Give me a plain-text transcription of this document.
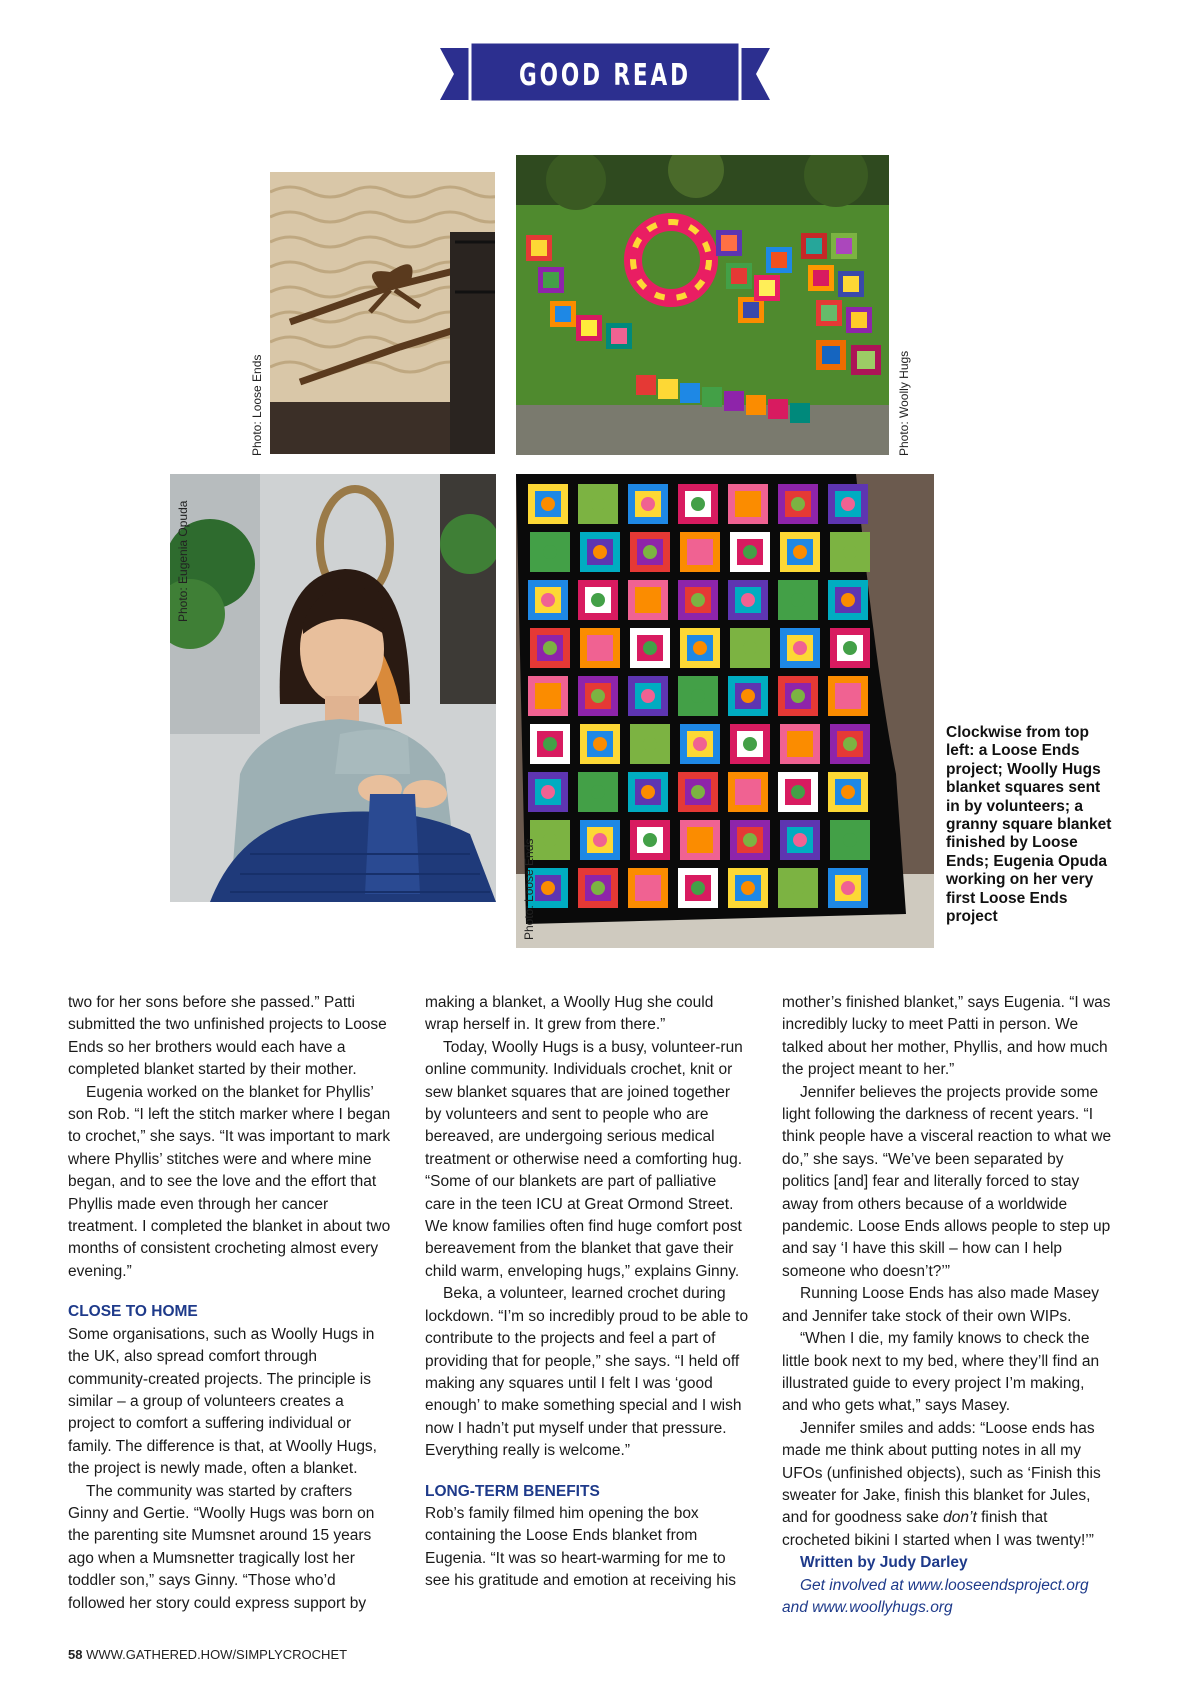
GOOD READ
Photo: Loose Ends	Photo: Woolly Hugs
Photo: Eugenia Opuda
Photo: Loose Ends
Clockwise from top left: a Loose Ends project; Woolly Hugs blanket squares sent in by volunteers; a granny square blanket finished by Loose Ends; Eugenia Opuda working on her very first Loose Ends project

two for her sons before she passed.” Patti submitted the two unfinished projects to Loose Ends so her brothers would each have a completed blanket started by their mother.

Eugenia worked on the blanket for Phyllis’ son Rob. “I left the stitch marker where I began to crochet,” she says. “It was important to mark where Phyllis’ stitches were and where mine began, and to see the love and the effort that Phyllis made even through her cancer treatment. I completed the blanket in about two months of consistent crocheting almost every evening.”

CLOSE TO HOME

Some organisations, such as Woolly Hugs in the UK, also spread comfort through community-created projects. The principle is similar – a group of volunteers creates a project to comfort a suffering individual or family. The difference is that, at Woolly Hugs, the project is newly made, often a blanket.

The community was started by crafters Ginny and Gertie. “Woolly Hugs was born on the parenting site Mumsnet around 15 years ago when a Mumsnetter tragically lost her toddler son,” says Ginny. “Those who’d followed her story could express support by

making a blanket, a Woolly Hug she could wrap herself in. It grew from there.”

Today, Woolly Hugs is a busy, volunteer-run online community. Individuals crochet, knit or sew blanket squares that are joined together by volunteers and sent to people who are bereaved, are undergoing serious medical treatment or otherwise need a comforting hug. “Some of our blankets are part of palliative care in the teen ICU at Great Ormond Street. We know families often find huge comfort post bereavement from the blanket that gave their child warm, enveloping hugs,” explains Ginny.

Beka, a volunteer, learned crochet during lockdown. “I’m so incredibly proud to be able to contribute to the projects and feel a part of providing that for people,” she says. “I held off making any squares until I felt I was ‘good enough’ to make something special and I wish now I hadn’t put myself under that pressure. Everything really is welcome.”

LONG-TERM BENEFITS

Rob’s family filmed him opening the box containing the Loose Ends blanket from Eugenia. “It was so heart-warming for me to see his gratitude and emotion at receiving his

mother’s finished blanket,” says Eugenia. “I was incredibly lucky to meet Patti in person. We talked about her mother, Phyllis, and how much the project meant to her.”

Jennifer believes the projects provide some light following the darkness of recent years. “I think people have a visceral reaction to what we do,” she says. “We’ve been separated by politics [and] fear and literally forced to stay away from others because of a worldwide pandemic. Loose Ends allows people to step up and say ‘I have this skill – how can I help someone who doesn’t?’”

Running Loose Ends has also made Masey and Jennifer take stock of their own WIPs.

“When I die, my family knows to check the little book next to my bed, where they’ll find an illustrated guide to every project I’m making, and who gets what,” says Masey.

Jennifer smiles and adds: “Loose ends has made me think about putting notes in all my UFOs (unfinished objects), such as ‘Finish this sweater for Jake, finish this blanket for Jules, and for goodness sake don’t finish that crocheted bikini I started when I was twenty!’”

Written by Judy Darley

Get involved at www.looseendsproject.org and www.woollyhugs.org

58 WWW.GATHERED.HOW/SIMPLYCROCHET
